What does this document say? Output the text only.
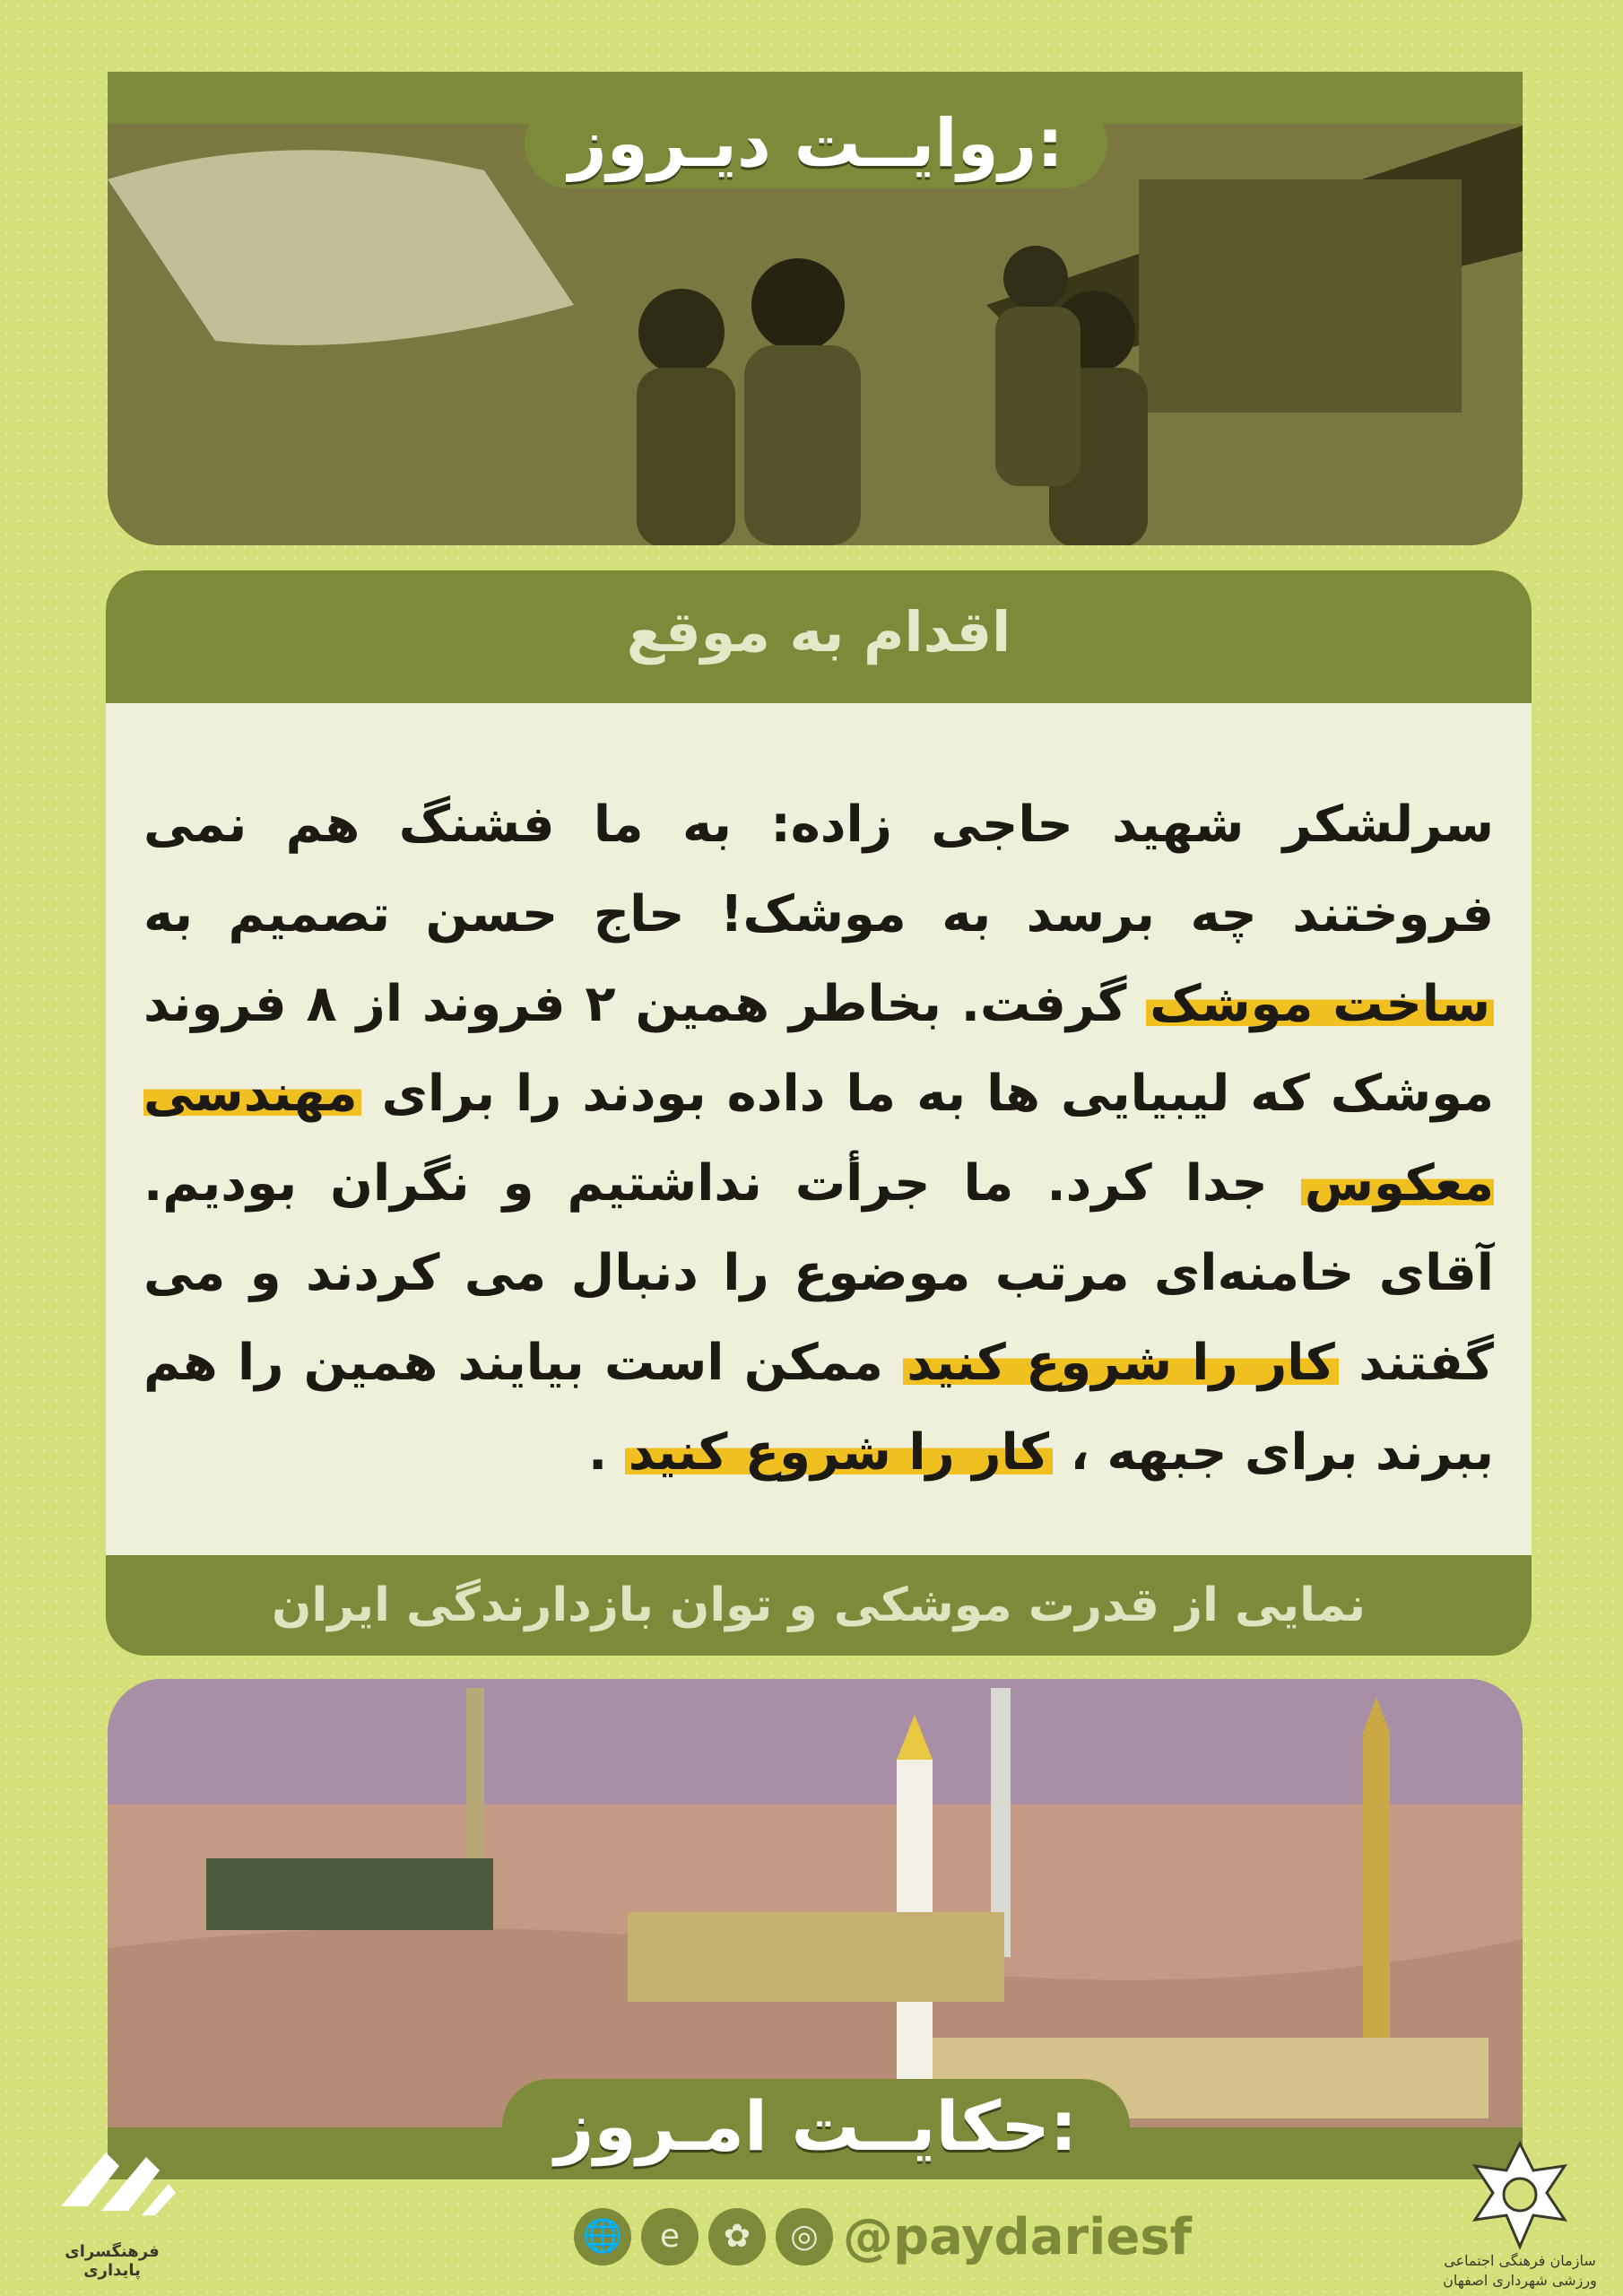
روایــت دیـروز:
اقدام به موقع
سرلشکر شهید حاجی زاده: به ما فشنگ هم نمی فروختند چه برسد به موشک! حاج حسن تصمیم به ساخت موشک گرفت. بخاطر همین ۲ فروند از ۸ فروند موشک که لیبیایی ها به ما داده بودند را برای مهندسی معکوس جدا کرد. ما جرأت نداشتیم و نگران بودیم. آقای خامنه‌ای مرتب موضوع را دنبال می کردند و می گفتند کار را شروع کنید ممکن است بیایند همین را هم ببرند برای جبهه ، کار را شروع کنید .
نمایی از قدرت موشکی و توان بازدارندگی ایران
حکایــت امـروز:
فرهنگسرای پایداری
🌐	e	✿	◎ @paydariesf	سازمان فرهنگی اجتماعی ورزشی شهرداری اصفهان
